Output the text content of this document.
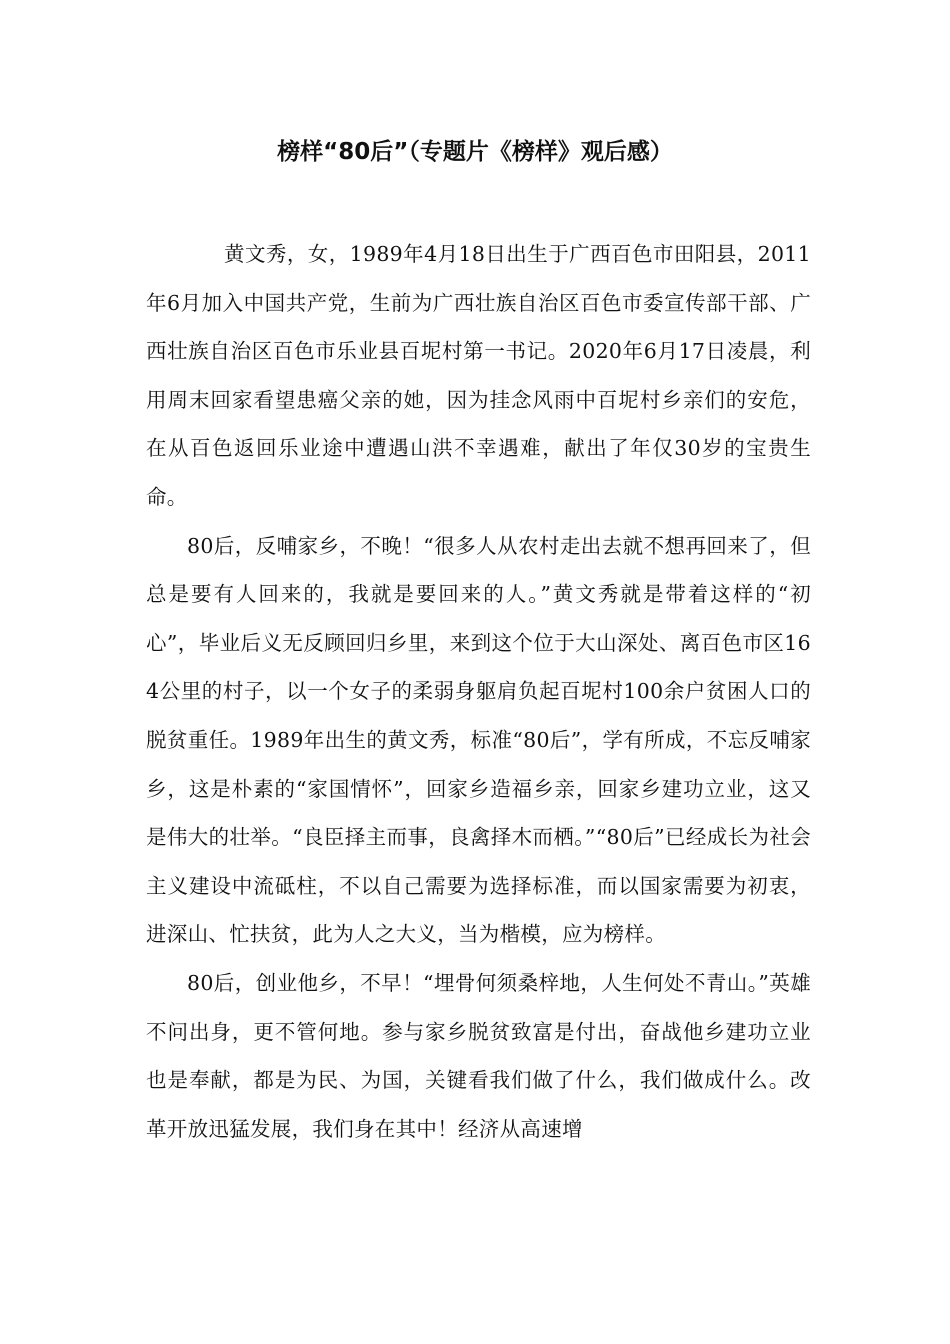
榜样“80后”（专题片《榜样》观后感）

黄文秀，女，1989年4月18日出生于广西百色市田阳县，2011年6月加入中国共产党，生前为广西壮族自治区百色市委宣传部干部、广西壮族自治区百色市乐业县百坭村第一书记。2020年6月17日凌晨，利用周末回家看望患癌父亲的她，因为挂念风雨中百坭村乡亲们的安危，在从百色返回乐业途中遭遇山洪不幸遇难，献出了年仅30岁的宝贵生命。

80后，反哺家乡，不晚！“很多人从农村走出去就不想再回来了，但总是要有人回来的，我就是要回来的人。”黄文秀就是带着这样的“初心”，毕业后义无反顾回归乡里，来到这个位于大山深处、离百色市区164公里的村子，以一个女子的柔弱身躯肩负起百坭村100余户贫困人口的脱贫重任。1989年出生的黄文秀，标准“80后”，学有所成，不忘反哺家乡，这是朴素的“家国情怀”，回家乡造福乡亲，回家乡建功立业，这又是伟大的壮举。“良臣择主而事，良禽择木而栖。”“80后”已经成长为社会主义建设中流砥柱，不以自己需要为选择标准，而以国家需要为初衷，进深山、忙扶贫，此为人之大义，当为楷模，应为榜样。

80后，创业他乡，不早！“埋骨何须桑梓地，人生何处不青山。”英雄不问出身，更不管何地。参与家乡脱贫致富是付出，奋战他乡建功立业也是奉献，都是为民、为国，关键看我们做了什么，我们做成什么。改革开放迅猛发展，我们身在其中！经济从高速增
